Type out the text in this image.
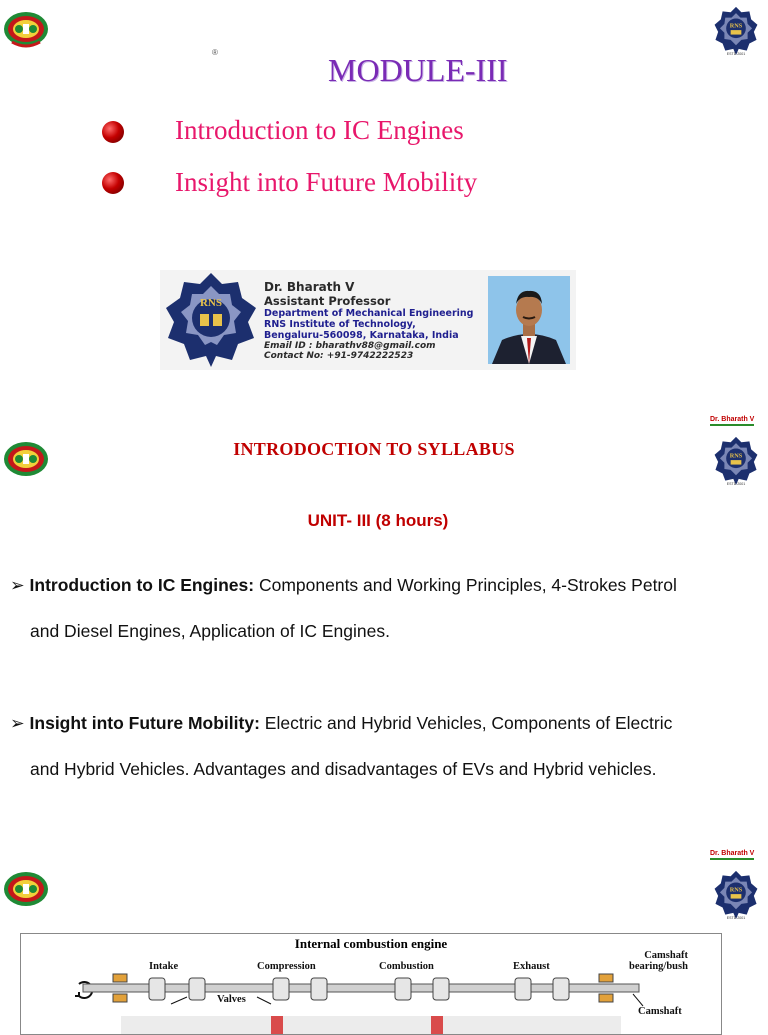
RNS
ESTD 2001
®	MODULE-III
Introduction to IC Engines
Insight into Future Mobility
RNS
Dr. Bharath V
Assistant Professor
Department of Mechanical Engineering
RNS Institute of Technology,
Bengaluru-560098, Karnataka, India
Email ID : bharathv88@gmail.com
Contact No: +91-9742222523
Dr. Bharath V
RNS
ESTD 2001
INTRODOCTION TO SYLLABUS
UNIT- III (8 hours)
➢ Introduction to IC Engines: Components and Working Principles, 4-Strokes Petrol
and Diesel Engines, Application of IC Engines.
➢ Insight into Future Mobility: Electric and Hybrid Vehicles, Components of Electric
and Hybrid Vehicles. Advantages and disadvantages of EVs and Hybrid vehicles.
Dr. Bharath V
RNS
ESTD 2001
Internal combustion engine
Intake	Compression	Combustion	Exhaust
Camshaft
bearing/bush
Camshaft
Valves
